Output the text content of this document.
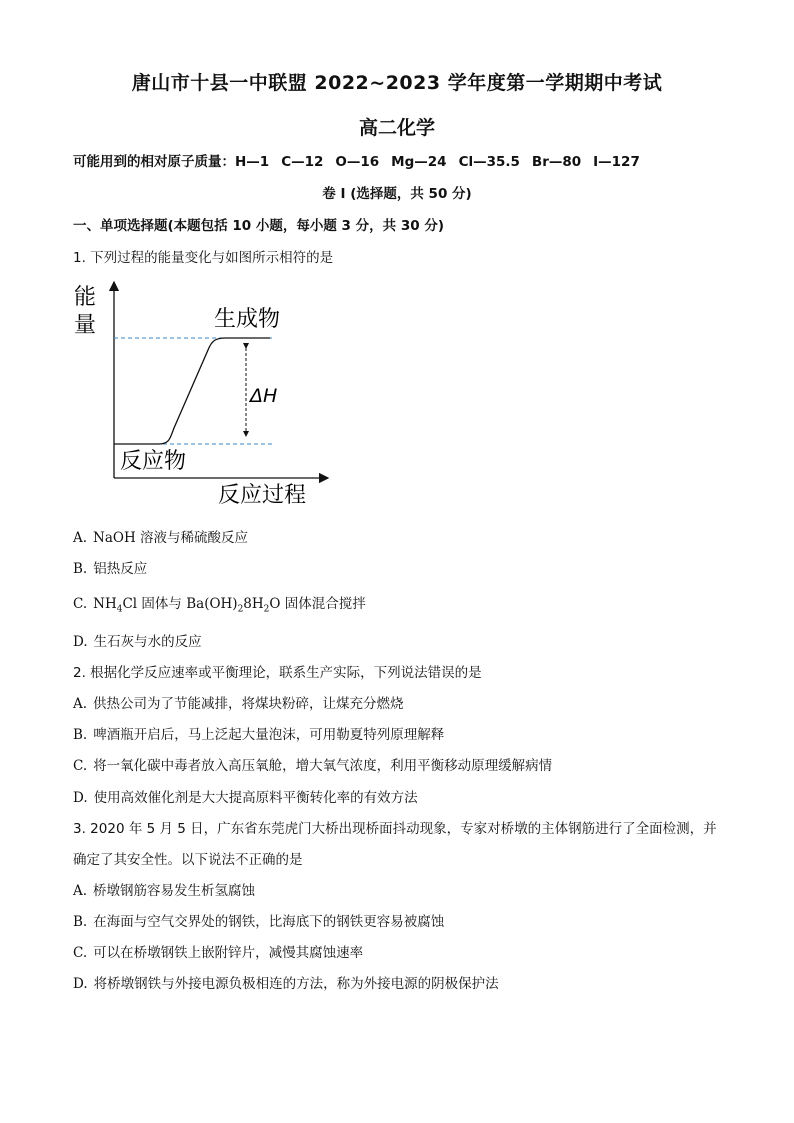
唐山市十县一中联盟 2022~2023 学年度第一学期期中考试
高二化学
可能用到的相对原子质量：H—1 C—12 O—16 Mg—24 Cl—35.5 Br—80 I—127
卷 I (选择题，共 50 分)
一、单项选择题(本题包括 10 小题，每小题 3 分，共 30 分)
1. 下列过程的能量变化与如图所示相符的是
能
量	生成物
反应物
ΔH
反应过程
A. NaOH 溶液与稀硫酸反应
B. 铝热反应
C. $NH_4Cl$ 固体与 $Ba(OH)_28H_2O$ 固体混合搅拌
D. 生石灰与水的反应
2. 根据化学反应速率或平衡理论，联系生产实际，下列说法错误的是
A. 供热公司为了节能减排，将煤块粉碎，让煤充分燃烧
B. 啤酒瓶开启后，马上泛起大量泡沫，可用勒夏特列原理解释
C. 将一氧化碳中毒者放入高压氧舱，增大氧气浓度，利用平衡移动原理缓解病情
D. 使用高效催化剂是大大提高原料平衡转化率的有效方法
3. 2020 年 5 月 5 日，广东省东莞虎门大桥出现桥面抖动现象，专家对桥墩的主体钢筋进行了全面检测，并
确定了其安全性。以下说法不正确的是
A. 桥墩钢筋容易发生析氢腐蚀
B. 在海面与空气交界处的钢铁，比海底下的钢铁更容易被腐蚀
C. 可以在桥墩钢铁上嵌附锌片，减慢其腐蚀速率
D. 将桥墩钢铁与外接电源负极相连的方法，称为外接电源的阴极保护法
